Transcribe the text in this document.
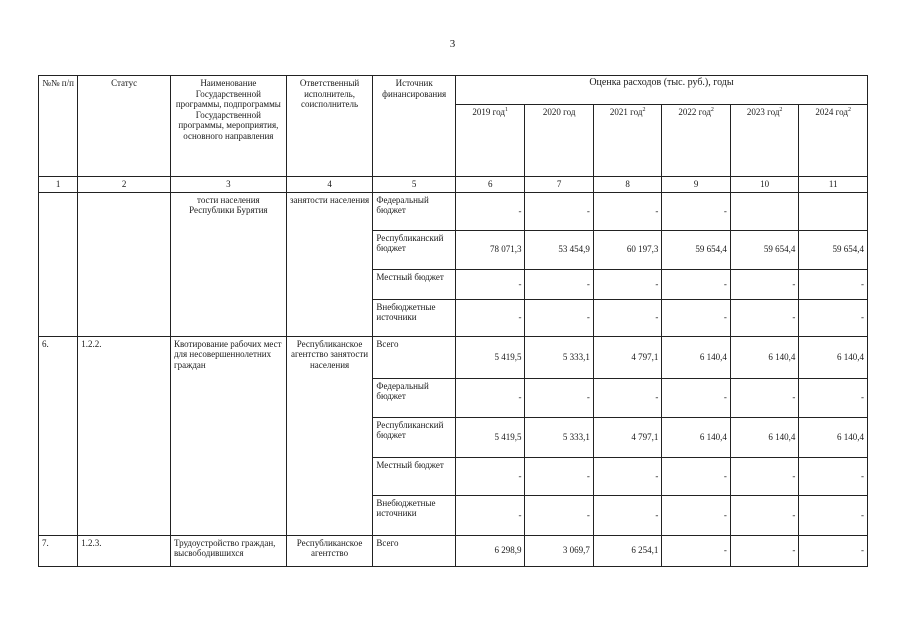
3
№№ п/п	Статус	Наименование Государственной программы, подпрограммы Государственной программы, мероприятия, основного направления	Ответственный исполнитель, соисполнитель	Источник финансирования	Оценка расходов (тыс. руб.), годы					
					2019 год$^1$	2020 год	2021 год$^2$	2022 год$^2$	2023 год$^2$	2024 год$^2$
1	2	3	4	5	6	7	8	9	10	11
		тости населения Республики Бурятия	занятости населения	Федеральный бюджет	-	-	-	-		
				Республиканский бюджет	78 071,3	53 454,9	60 197,3	59 654,4	59 654,4	59 654,4
				Местный бюджет	-	-	-	-	-	-
				Внебюджетные источники	-	-	-	-	-	-
6.	1.2.2.	Квотирование рабочих мест для несовершеннолетних граждан	Республиканское агентство занятости населения	Всего	5 419,5	5 333,1	4 797,1	6 140,4	6 140,4	6 140,4
				Федеральный бюджет	-	-	-	-	-	-
				Республиканский бюджет	5 419,5	5 333,1	4 797,1	6 140,4	6 140,4	6 140,4
				Местный бюджет	-	-	-	-	-	-
				Внебюджетные источники	-	-	-	-	-	-
7.	1.2.3.	Трудоустройство граждан, высвободившихся	Республиканское агентство	Всего	6 298,9	3 069,7	6 254,1	-	-	-
